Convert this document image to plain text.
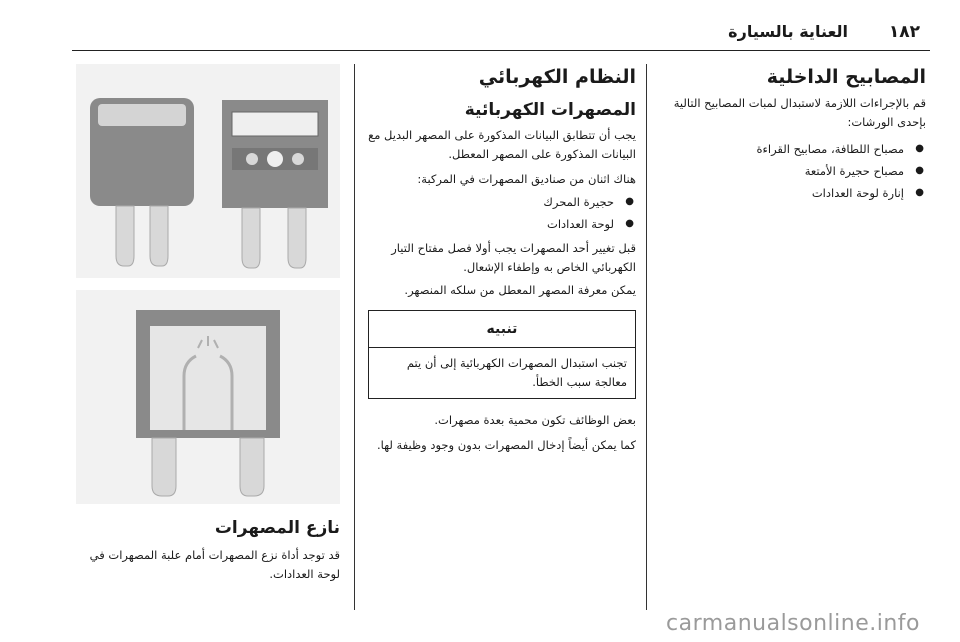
١٨٢
العناية بالسيارة
المصابيح الداخلية

قم بالإجراءات اللازمة لاستبدال لمبات المصابيح التالية بإحدى الورشات:

● مصباح اللطافة، مصابيح القراءة
● مصباح حجيرة الأمتعة
● إنارة لوحة العدادات
النظام الكهربائي
المصهرات الكهربائية

يجب أن تتطابق البيانات المذكورة على المصهر البديل مع البيانات المذكورة على المصهر المعطل.

هناك اثنان من صناديق المصهرات في المركبة:

● حجيرة المحرك
● لوحة العدادات

قبل تغيير أحد المصهرات يجب أولا فصل مفتاح التيار الكهربائي الخاص به وإطفاء الإشعال.

يمكن معرفة المصهر المعطل من سلكه المنصهر.

تنبيه
تجنب استبدال المصهرات الكهربائية إلى أن يتم معالجة سبب الخطأ.

بعض الوظائف تكون محمية بعدة مصهرات.

كما يمكن أيضاً إدخال المصهرات بدون وجود وظيفة لها.

نازع المصهرات

قد توجد أداة نزع المصهرات أمام علبة المصهرات في لوحة العدادات.

carmanualsonline.info
